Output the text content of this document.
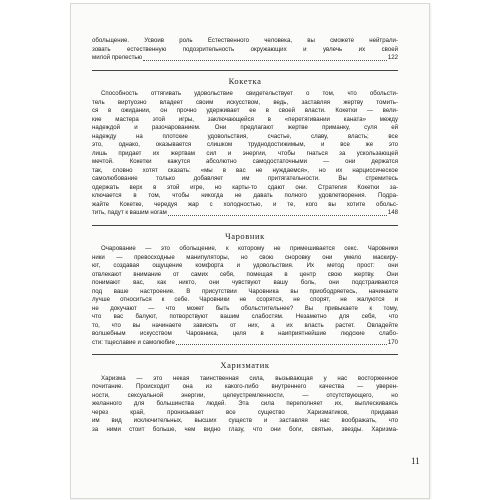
обольщение. Усвоив роль Естественного человека, вы сможете нейтрали-
зовать естественную подозрительность окружающих и увлечь их своей
милой прелестью	122

Кокетка

Способность оттягивать удовольствие свидетельствует о том, что обольсти-
тель виртуозно владеет своим искусством, ведь, заставляя жертву томить-
ся в ожидании, он прочно удерживает ее в своей власти. Кокетки — вели-
кие мастера этой игры, заключающейся в «перетягивании каната» между
надеждой и разочарованием. Они предлагают жертве приманку, суля ей
надежду на плотские удовольствия, счастье, славу, власть; все
это, однако, оказывается слишком труднодостижимым, и все же это
лишь придает их жертвам сил и энергии, чтобы гнаться за ускользающей
мечтой. Кокетки кажутся абсолютно самодостаточными — они держатся
так, словно хотят сказать: «мы в вас не нуждаемся», но их нарциссическое
самолюбование только добавляет им притягательности. Вы стремитесь
одержать верх в этой игре, но карты-то сдают они. Стратегия Кокетки за-
ключается в том, чтобы никогда не давать полного удовлетворения. Подра-
жайте Кокетке, чередуя жар с холодностью, и те, кого вы хотите обольс-
тить, падут к вашим ногам	148

Чаровник

Очарование — это обольщение, к которому не примешивается секс. Чаровники
ники — превосходные манипуляторы, но свою сноровку они умело маскиру-
ют, создавая ощущение комфорта и удовольствия. Их метод прост: они
отвлекают внимание от самих себя, помещая в центр свою жертву. Они
понимают вас, как никто, они чувствуют вашу боль, они подстраиваются
под ваше настроение. В присутствии Чаровника вы приободряетесь, начинаете
лучше относиться к себе. Чаровники не ссорятся, не спорят, не жалуются и
не докучают — что может быть обольстительнее? Вы привыкаете к тому,
что вас балуют, потворствуют вашим слабостям. Незаметно для себя, что
то, что вы начинаете зависеть от них, а их власть растет. Овладейте
волшебным искусством Чаровника, целя в наиприятнейшие людские слабо-
сти: тщеславие и самолюбие	170

Харизматик

Харизма — это некая таинственная сила, вызывающая у нас восторженное
почитание. Происходит она из какого-либо внутреннего качества — уверен-
ности, сексуальной энергии, целеустремленности, — отсутствующего, но
желанного для большинства людей. Эта сила переполняет их, выплескиваясь
через край, пронизывает все существо Харизматиков, придавая
им вид исключительных, высших существ и заставляя нас воображать, что
за ними стоит больше, чем видно глазу, что они боги, святые, звезды. Харизма-

11
